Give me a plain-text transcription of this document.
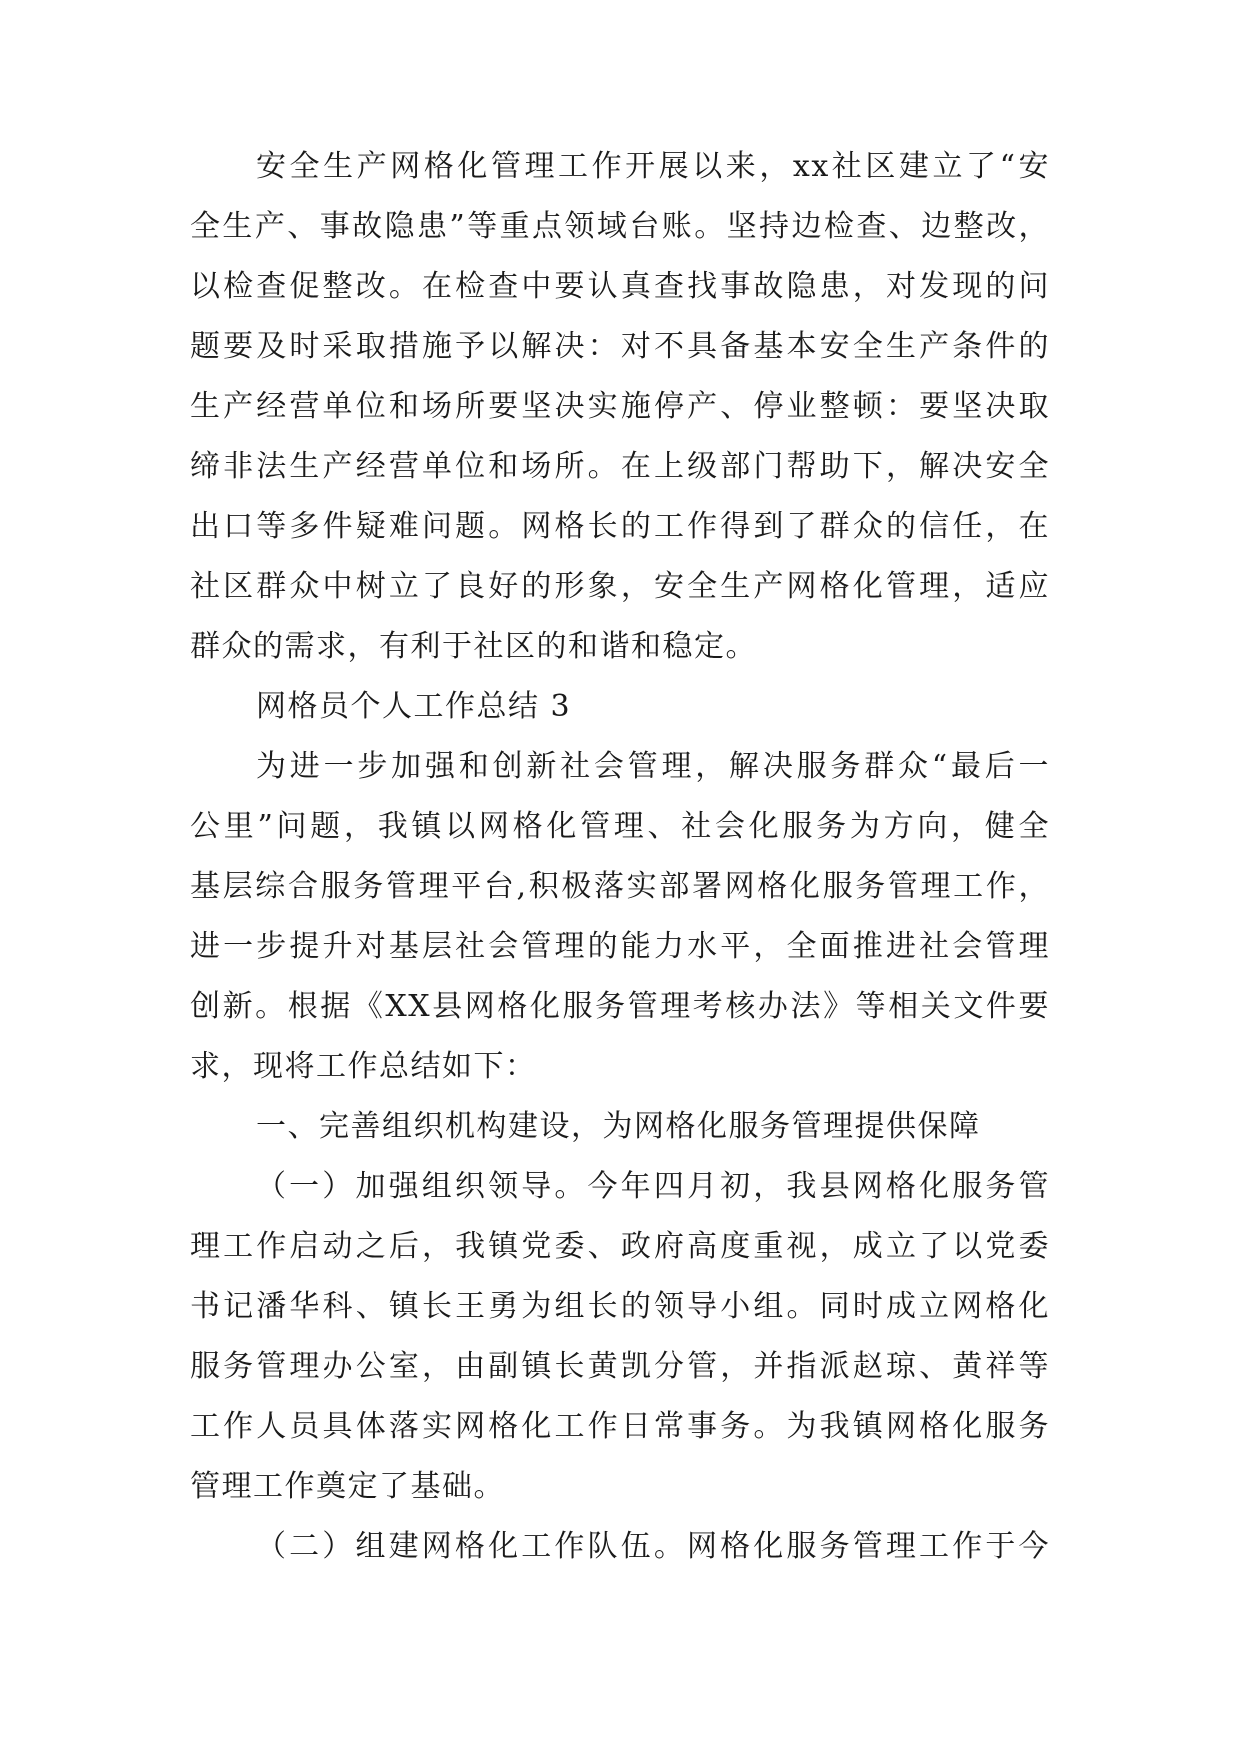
安全生产网格化管理工作开展以来，xx社区建立了“安
全生产、事故隐患”等重点领域台账。坚持边检查、边整改，
以检查促整改。在检查中要认真查找事故隐患，对发现的问
题要及时采取措施予以解决：对不具备基本安全生产条件的
生产经营单位和场所要坚决实施停产、停业整顿：要坚决取
缔非法生产经营单位和场所。在上级部门帮助下，解决安全
出口等多件疑难问题。网格长的工作得到了群众的信任，在
社区群众中树立了良好的形象，安全生产网格化管理，适应
群众的需求，有利于社区的和谐和稳定。
网格员个人工作总结 3
为进一步加强和创新社会管理，解决服务群众“最后一
公里”问题，我镇以网格化管理、社会化服务为方向，健全
基层综合服务管理平台,积极落实部署网格化服务管理工作，
进一步提升对基层社会管理的能力水平，全面推进社会管理
创新。根据《XX县网格化服务管理考核办法》等相关文件要
求，现将工作总结如下：
一、完善组织机构建设，为网格化服务管理提供保障
（一）加强组织领导。今年四月初，我县网格化服务管
理工作启动之后，我镇党委、政府高度重视，成立了以党委
书记潘华科、镇长王勇为组长的领导小组。同时成立网格化
服务管理办公室，由副镇长黄凯分管，并指派赵琼、黄祥等
工作人员具体落实网格化工作日常事务。为我镇网格化服务
管理工作奠定了基础。
（二）组建网格化工作队伍。网格化服务管理工作于今
